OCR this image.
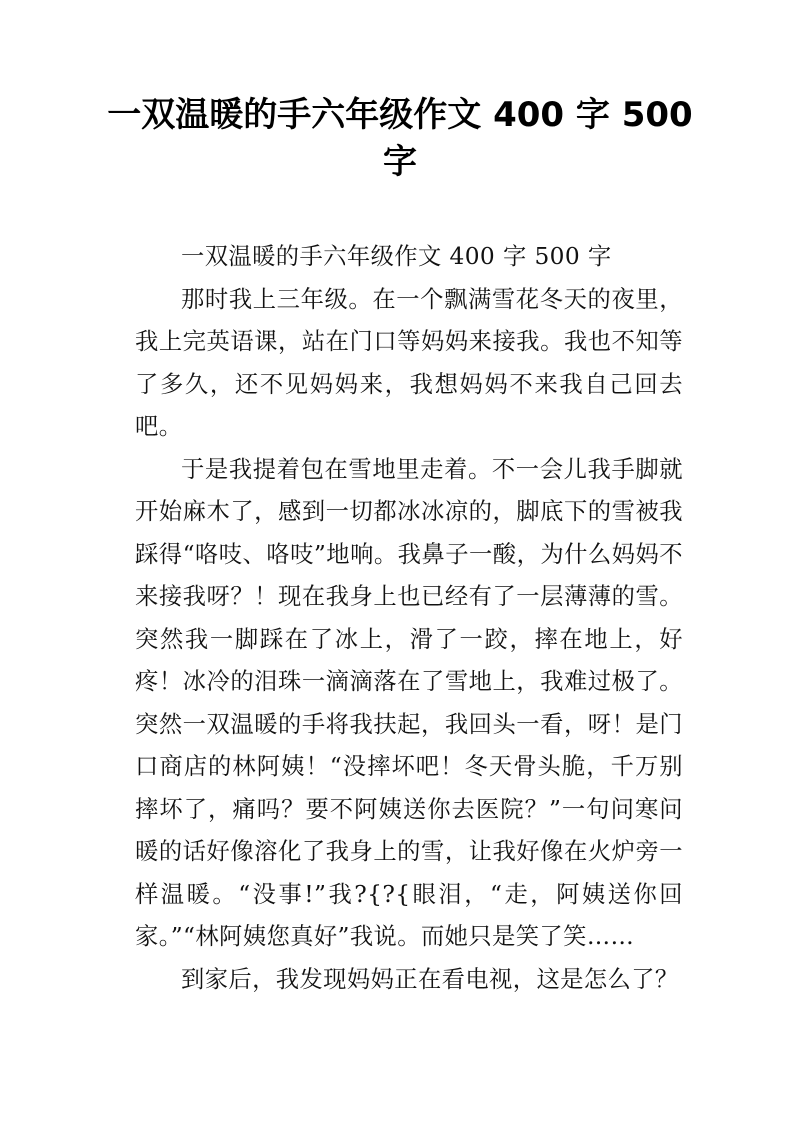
一双温暖的手六年级作文 400 字 500
字

一双温暖的手六年级作文 400 字 500 字

那时我上三年级。在一个飘满雪花冬天的夜里，我上完英语课，站在门口等妈妈来接我。我也不知等了多久，还不见妈妈来，我想妈妈不来我自己回去吧。

于是我提着包在雪地里走着。不一会儿我手脚就开始麻木了，感到一切都冰冰凉的，脚底下的雪被我踩得“咯吱、咯吱”地响。我鼻子一酸，为什么妈妈不来接我呀？！现在我身上也已经有了一层薄薄的雪。突然我一脚踩在了冰上，滑了一跤，摔在地上，好疼！冰冷的泪珠一滴滴落在了雪地上，我难过极了。突然一双温暖的手将我扶起，我回头一看，呀！是门口商店的林阿姨！“没摔坏吧！冬天骨头脆，千万别摔坏了，痛吗？要不阿姨送你去医院？”一句问寒问暖的话好像溶化了我身上的雪，让我好像在火炉旁一样温暖。“没事!”我?{?{眼泪，“走，阿姨送你回家。”“林阿姨您真好”我说。而她只是笑了笑……

到家后，我发现妈妈正在看电视，这是怎么了？
